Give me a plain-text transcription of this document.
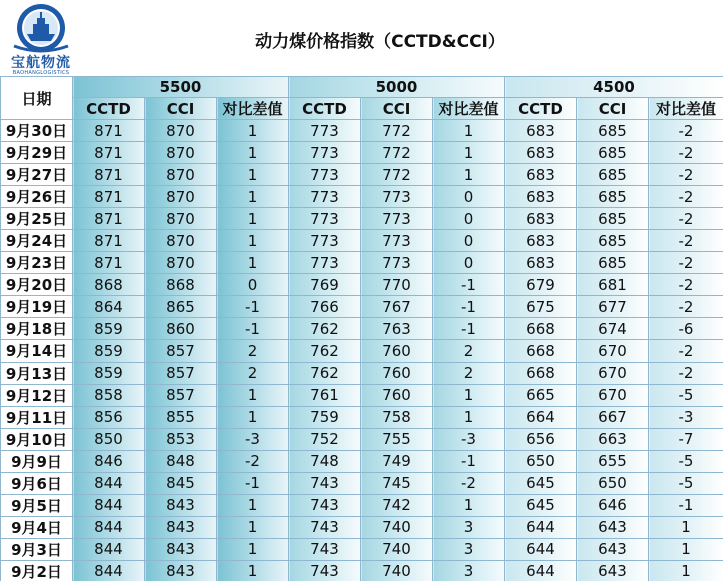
宝航物流
BAOHANGLOGISTICS
动力煤价格指数（CCTD&CCI）
日期	5500			5000			4500		
	CCTD	CCI	对比差值	CCTD	CCI	对比差值	CCTD	CCI	对比差值
9月30日	871	870	1	773	772	1	683	685	-2
9月29日	871	870	1	773	772	1	683	685	-2
9月27日	871	870	1	773	772	1	683	685	-2
9月26日	871	870	1	773	773	0	683	685	-2
9月25日	871	870	1	773	773	0	683	685	-2
9月24日	871	870	1	773	773	0	683	685	-2
9月23日	871	870	1	773	773	0	683	685	-2
9月20日	868	868	0	769	770	-1	679	681	-2
9月19日	864	865	-1	766	767	-1	675	677	-2
9月18日	859	860	-1	762	763	-1	668	674	-6
9月14日	859	857	2	762	760	2	668	670	-2
9月13日	859	857	2	762	760	2	668	670	-2
9月12日	858	857	1	761	760	1	665	670	-5
9月11日	856	855	1	759	758	1	664	667	-3
9月10日	850	853	-3	752	755	-3	656	663	-7
9月9日	846	848	-2	748	749	-1	650	655	-5
9月6日	844	845	-1	743	745	-2	645	650	-5
9月5日	844	843	1	743	742	1	645	646	-1
9月4日	844	843	1	743	740	3	644	643	1
9月3日	844	843	1	743	740	3	644	643	1
9月2日	844	843	1	743	740	3	644	643	1
